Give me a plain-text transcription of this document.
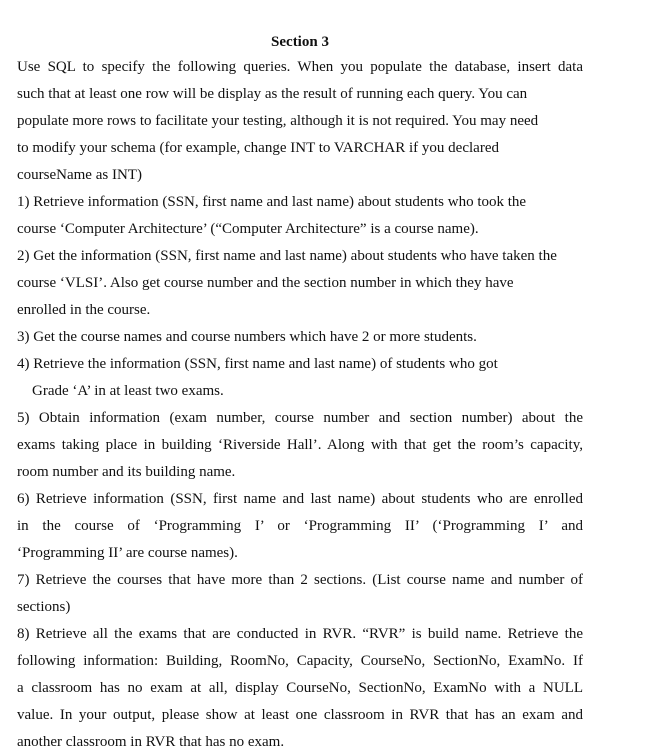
Section 3
Use SQL to specify the following queries. When you populate the database, insert data
such that at least one row will be display as the result of running each query. You can
populate more rows to facilitate your testing, although it is not required. You may need
to modify your schema (for example, change INT to VARCHAR if you declared
courseName as INT)
1) Retrieve information (SSN, first name and last name) about students who took the
course ‘Computer Architecture’ (“Computer Architecture” is a course name).
2) Get the information (SSN, first name and last name) about students who have taken the
course ‘VLSI’. Also get course number and the section number in which they have
enrolled in the course.
3) Get the course names and course numbers which have 2 or more students.
4) Retrieve the information (SSN, first name and last name) of students who got
Grade ‘A’ in at least two exams.
5) Obtain information (exam number, course number and section number) about the
exams taking place in building ‘Riverside Hall’. Along with that get the room’s capacity,
room number and its building name.
6) Retrieve information (SSN, first name and last name) about students who are enrolled
in the course of ‘Programming I’ or ‘Programming II’ (‘Programming I’ and
‘Programming II’ are course names).
7) Retrieve the courses that have more than 2 sections. (List course name and number of
sections)
8) Retrieve all the exams that are conducted in RVR. “RVR” is build name. Retrieve the
following information: Building, RoomNo, Capacity, CourseNo, SectionNo, ExamNo. If
a classroom has no exam at all, display CourseNo, SectionNo, ExamNo with a NULL
value. In your output, please show at least one classroom in RVR that has an exam and
another classroom in RVR that has no exam.
